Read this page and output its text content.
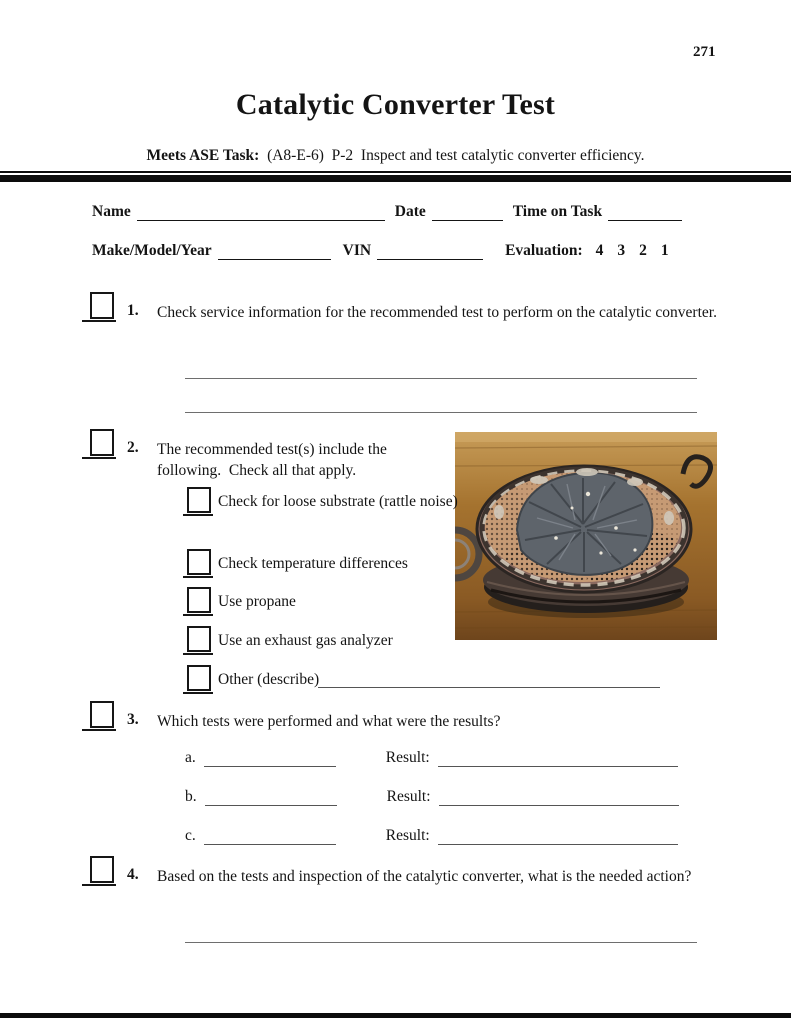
271
Catalytic Converter Test
Meets ASE Task:  (A8-E-6)  P-2  Inspect and test catalytic converter efficiency.
Name	Date	Time on Task
Make/Model/Year	VIN	Evaluation: 4 3 2 1
1. Check service information for the recommended test to perform on the catalytic converter.
2. The recommended test(s) include the following.  Check all that apply.
Check for loose substrate (rattle noise)
Check temperature differences
Use propane
Use an exhaust gas analyzer
Other (describe)
3. Which tests were performed and what were the results?
a.	Result:
b.	Result:
c.	Result:
4. Based on the tests and inspection of the catalytic converter, what is the needed action?
